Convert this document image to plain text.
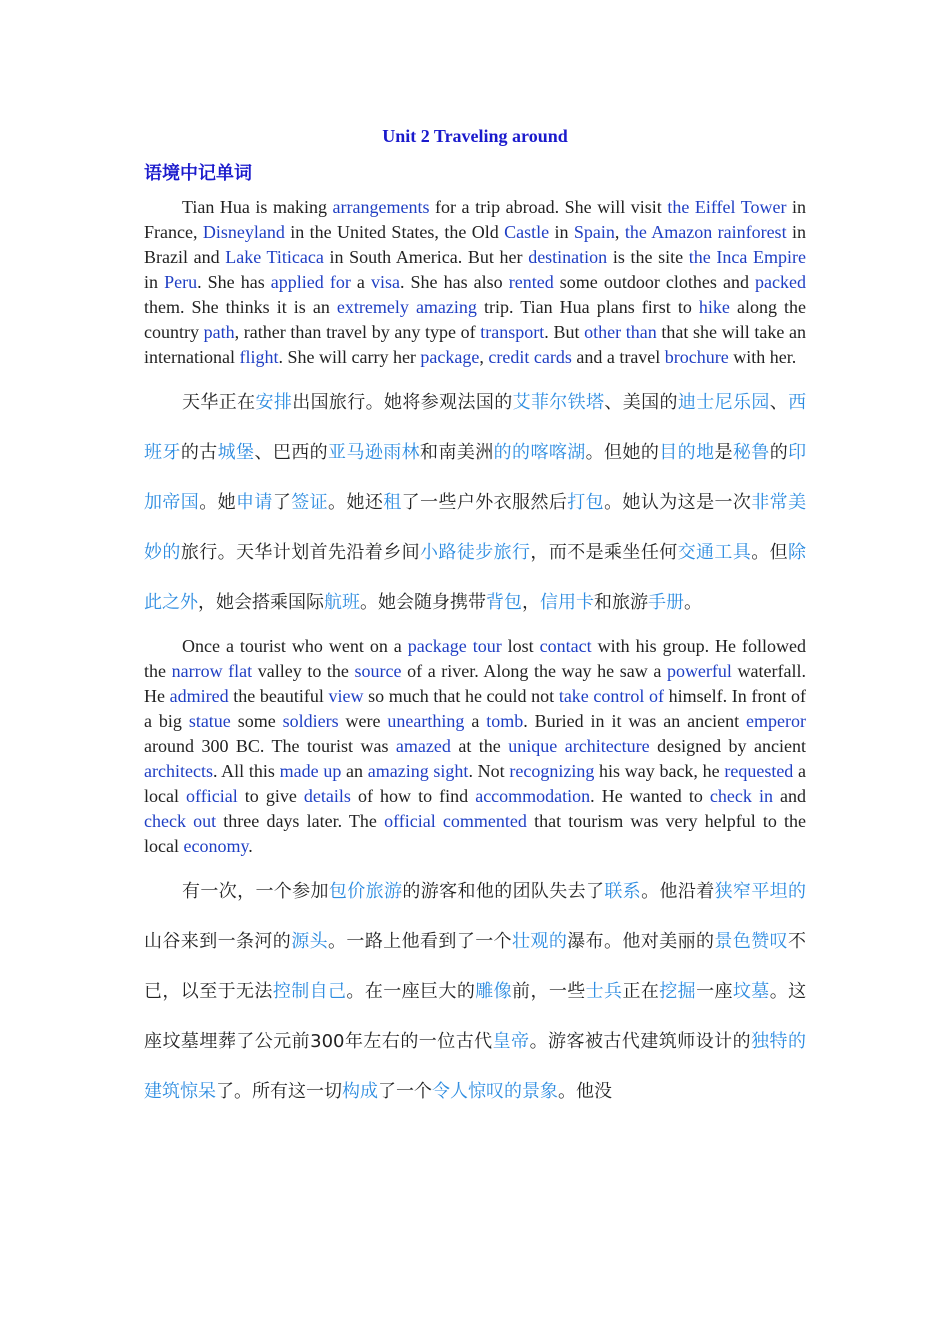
Unit 2 Traveling around
语境中记单词

Tian Hua is making arrangements for a trip abroad. She will visit the Eiffel Tower in France, Disneyland in the United States, the Old Castle in Spain, the Amazon rainforest in Brazil and Lake Titicaca in South America. But her destination is the site the Inca Empire in Peru. She has applied for a visa. She has also rented some outdoor clothes and packed them. She thinks it is an extremely amazing trip. Tian Hua plans first to hike along the country path, rather than travel by any type of transport. But other than that she will take an international flight. She will carry her package, credit cards and a travel brochure with her.

天华正在安排出国旅行。她将参观法国的艾菲尔铁塔、美国的迪士尼乐园、西班牙的古城堡、巴西的亚马逊雨林和南美洲的的喀喀湖。但她的目的地是秘鲁的印加帝国。她申请了签证。她还租了一些户外衣服然后打包。她认为这是一次非常美妙的旅行。天华计划首先沿着乡间小路徒步旅行，而不是乘坐任何交通工具。但除此之外，她会搭乘国际航班。她会随身携带背包，信用卡和旅游手册。

Once a tourist who went on a package tour lost contact with his group. He followed the narrow flat valley to the source of a river. Along the way he saw a powerful waterfall. He admired the beautiful view so much that he could not take control of himself. In front of a big statue some soldiers were unearthing a tomb. Buried in it was an ancient emperor around 300 BC. The tourist was amazed at the unique architecture designed by ancient architects. All this made up an amazing sight. Not recognizing his way back, he requested a local official to give details of how to find accommodation. He wanted to check in and check out three days later. The official commented that tourism was very helpful to the local economy.

有一次，一个参加包价旅游的游客和他的团队失去了联系。他沿着狭窄平坦的山谷来到一条河的源头。一路上他看到了一个壮观的瀑布。他对美丽的景色赞叹不已，以至于无法控制自己。在一座巨大的雕像前，一些士兵正在挖掘一座坟墓。这座坟墓埋葬了公元前300年左右的一位古代皇帝。游客被古代建筑师设计的独特的建筑惊呆了。所有这一切构成了一个令人惊叹的景象。他没
